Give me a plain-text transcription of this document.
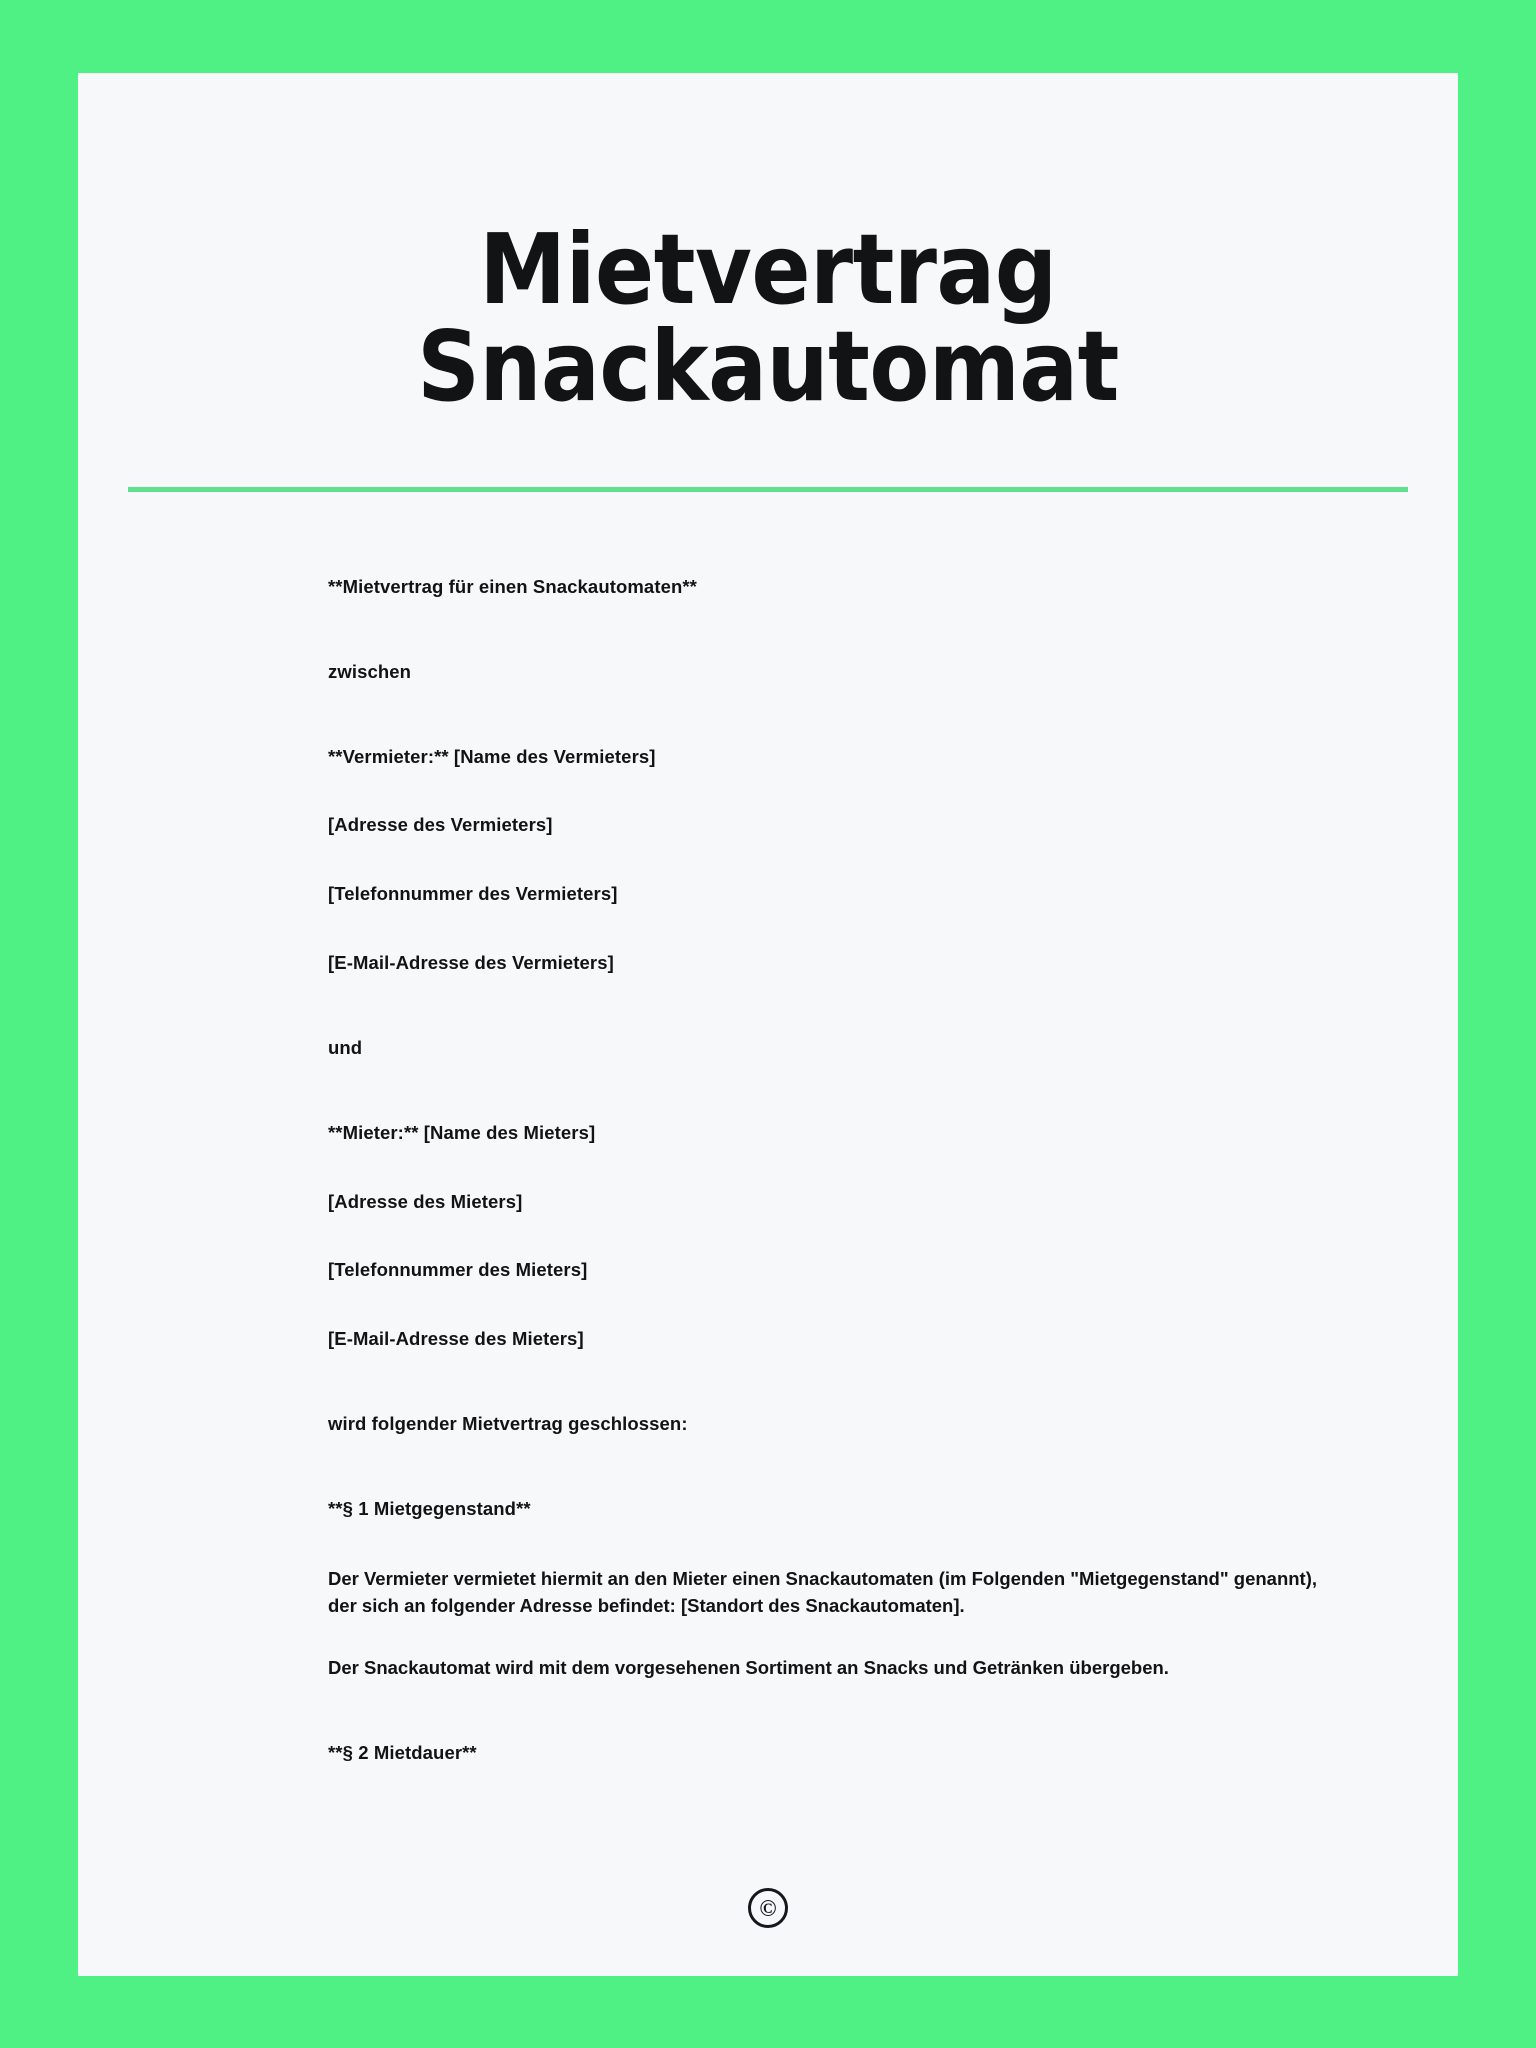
Mietvertrag Snackautomat

**Mietvertrag für einen Snackautomaten**

zwischen

**Vermieter:** [Name des Vermieters]

[Adresse des Vermieters]

[Telefonnummer des Vermieters]

[E-Mail-Adresse des Vermieters]

und

**Mieter:** [Name des Mieters]

[Adresse des Mieters]

[Telefonnummer des Mieters]

[E-Mail-Adresse des Mieters]

wird folgender Mietvertrag geschlossen:

**§ 1 Mietgegenstand**

Der Vermieter vermietet hiermit an den Mieter einen Snackautomaten (im Folgenden "Mietgegenstand" genannt), der sich an folgender Adresse befindet: [Standort des Snackautomaten].

Der Snackautomat wird mit dem vorgesehenen Sortiment an Snacks und Getränken übergeben.

**§ 2 Mietdauer**

©
